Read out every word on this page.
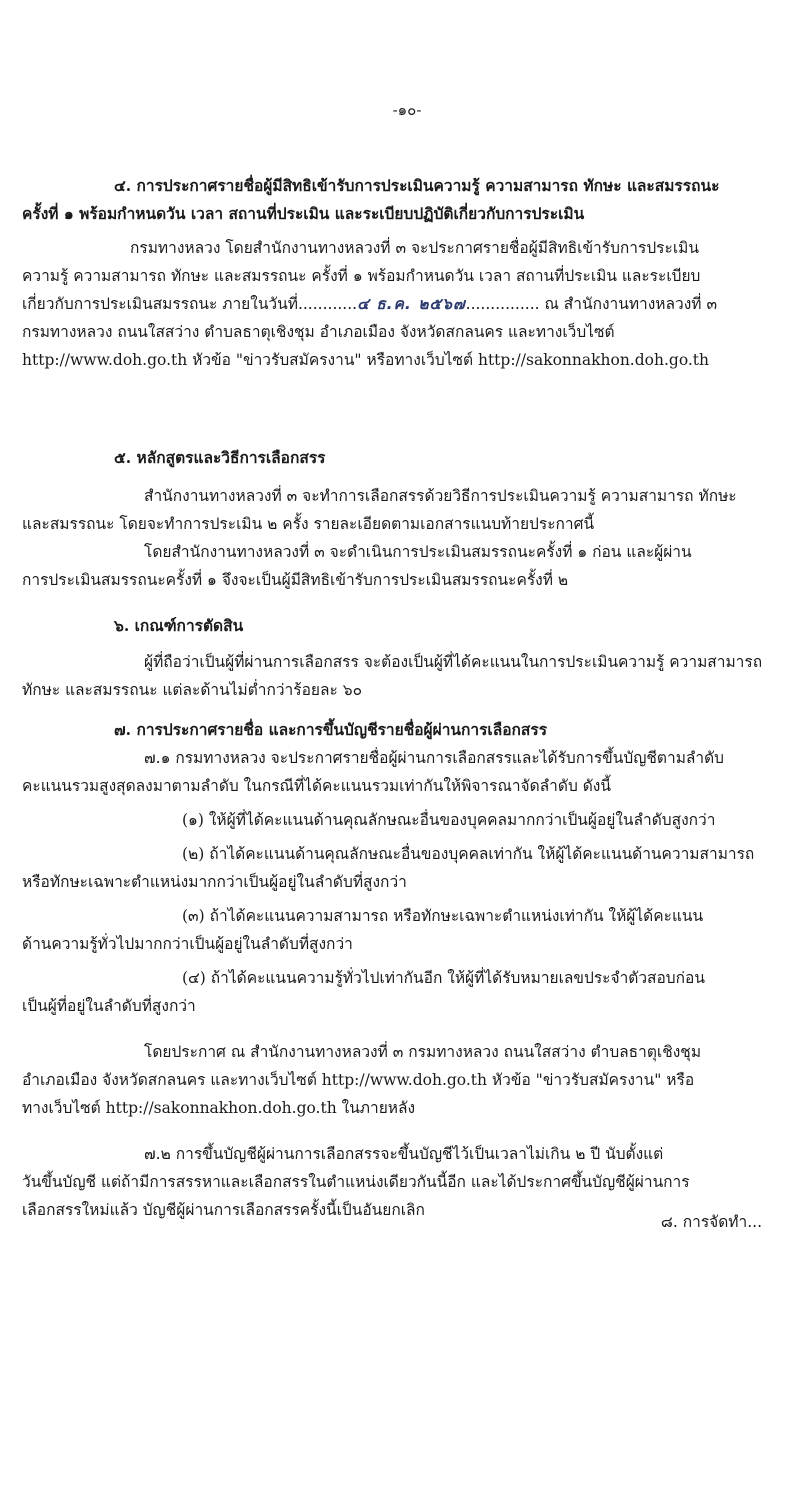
-๑๐-
๔. การประกาศรายชื่อผู้มีสิทธิเข้ารับการประเมินความรู้ ความสามารถ ทักษะ และสมรรถนะ
ครั้งที่ ๑ พร้อมกำหนดวัน เวลา สถานที่ประเมิน และระเบียบปฏิบัติเกี่ยวกับการประเมิน
กรมทางหลวง โดยสำนักงานทางหลวงที่ ๓ จะประกาศรายชื่อผู้มีสิทธิเข้ารับการประเมิน
ความรู้ ความสามารถ ทักษะ และสมรรถนะ ครั้งที่ ๑ พร้อมกำหนดวัน เวลา สถานที่ประเมิน และระเบียบ
เกี่ยวกับการประเมินสมรรถนะ ภายในวันที่............๔ ธ.ค. ๒๕๖๗............... ณ สำนักงานทางหลวงที่ ๓
กรมทางหลวง ถนนใสสว่าง ตำบลธาตุเชิงชุม อำเภอเมือง จังหวัดสกลนคร และทางเว็บไซต์
http://www.doh.go.th หัวข้อ "ข่าวรับสมัครงาน" หรือทางเว็บไซต์ http://sakonnakhon.doh.go.th
๕. หลักสูตรและวิธีการเลือกสรร
สำนักงานทางหลวงที่ ๓ จะทำการเลือกสรรด้วยวิธีการประเมินความรู้ ความสามารถ ทักษะ
และสมรรถนะ โดยจะทำการประเมิน ๒ ครั้ง รายละเอียดตามเอกสารแนบท้ายประกาศนี้
โดยสำนักงานทางหลวงที่ ๓ จะดำเนินการประเมินสมรรถนะครั้งที่ ๑ ก่อน และผู้ผ่าน
การประเมินสมรรถนะครั้งที่ ๑ จึงจะเป็นผู้มีสิทธิเข้ารับการประเมินสมรรถนะครั้งที่ ๒
๖. เกณฑ์การตัดสิน
ผู้ที่ถือว่าเป็นผู้ที่ผ่านการเลือกสรร จะต้องเป็นผู้ที่ได้คะแนนในการประเมินความรู้ ความสามารถ
ทักษะ และสมรรถนะ แต่ละด้านไม่ต่ำกว่าร้อยละ ๖๐
๗. การประกาศรายชื่อ และการขึ้นบัญชีรายชื่อผู้ผ่านการเลือกสรร
๗.๑ กรมทางหลวง จะประกาศรายชื่อผู้ผ่านการเลือกสรรและได้รับการขึ้นบัญชีตามลำดับ
คะแนนรวมสูงสุดลงมาตามลำดับ ในกรณีที่ได้คะแนนรวมเท่ากันให้พิจารณาจัดลำดับ ดังนี้
(๑) ให้ผู้ที่ได้คะแนนด้านคุณลักษณะอื่นของบุคคลมากกว่าเป็นผู้อยู่ในลำดับสูงกว่า
(๒) ถ้าได้คะแนนด้านคุณลักษณะอื่นของบุคคลเท่ากัน ให้ผู้ได้คะแนนด้านความสามารถ
หรือทักษะเฉพาะตำแหน่งมากกว่าเป็นผู้อยู่ในลำดับที่สูงกว่า
(๓) ถ้าได้คะแนนความสามารถ หรือทักษะเฉพาะตำแหน่งเท่ากัน ให้ผู้ได้คะแนน
ด้านความรู้ทั่วไปมากกว่าเป็นผู้อยู่ในลำดับที่สูงกว่า
(๔) ถ้าได้คะแนนความรู้ทั่วไปเท่ากันอีก ให้ผู้ที่ได้รับหมายเลขประจำตัวสอบก่อน
เป็นผู้ที่อยู่ในลำดับที่สูงกว่า
โดยประกาศ ณ สำนักงานทางหลวงที่ ๓ กรมทางหลวง ถนนใสสว่าง ตำบลธาตุเชิงชุม
อำเภอเมือง จังหวัดสกลนคร และทางเว็บไซต์ http://www.doh.go.th หัวข้อ "ข่าวรับสมัครงาน" หรือ
ทางเว็บไซต์ http://sakonnakhon.doh.go.th ในภายหลัง
๗.๒ การขึ้นบัญชีผู้ผ่านการเลือกสรรจะขึ้นบัญชีไว้เป็นเวลาไม่เกิน ๒ ปี นับตั้งแต่
วันขึ้นบัญชี แต่ถ้ามีการสรรหาและเลือกสรรในตำแหน่งเดียวกันนี้อีก และได้ประกาศขึ้นบัญชีผู้ผ่านการ
เลือกสรรใหม่แล้ว บัญชีผู้ผ่านการเลือกสรรครั้งนี้เป็นอันยกเลิก
๘. การจัดทำ...
